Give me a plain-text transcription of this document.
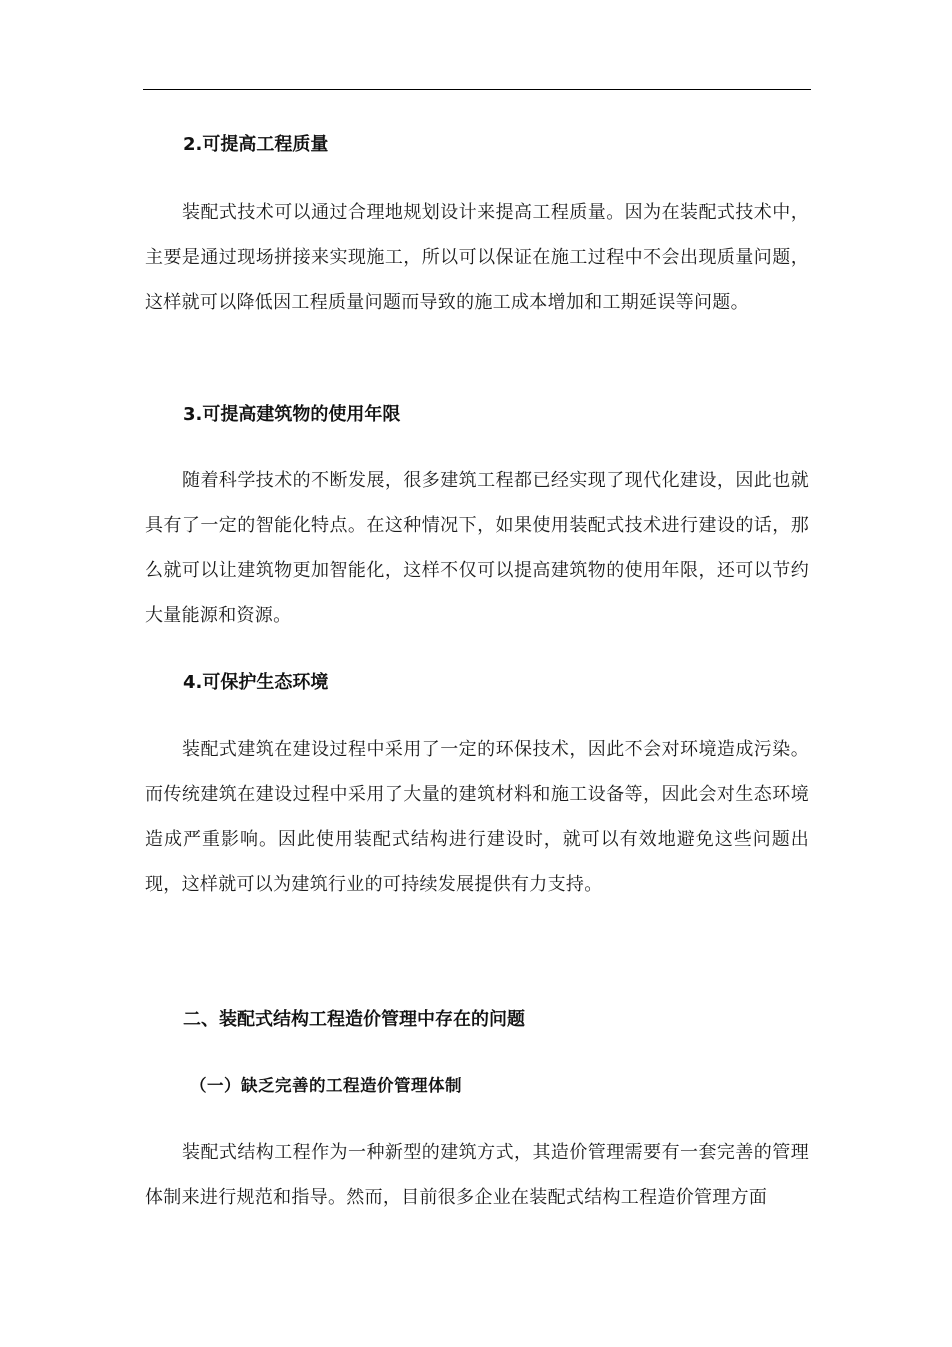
2.可提高工程质量

装配式技术可以通过合理地规划设计来提高工程质量。因为在装配式技术中，主要是通过现场拼接来实现施工，所以可以保证在施工过程中不会出现质量问题，这样就可以降低因工程质量问题而导致的施工成本增加和工期延误等问题。

3.可提高建筑物的使用年限

随着科学技术的不断发展，很多建筑工程都已经实现了现代化建设，因此也就具有了一定的智能化特点。在这种情况下，如果使用装配式技术进行建设的话，那么就可以让建筑物更加智能化，这样不仅可以提高建筑物的使用年限，还可以节约大量能源和资源。

4.可保护生态环境

装配式建筑在建设过程中采用了一定的环保技术，因此不会对环境造成污染。而传统建筑在建设过程中采用了大量的建筑材料和施工设备等，因此会对生态环境造成严重影响。因此使用装配式结构进行建设时，就可以有效地避免这些问题出现，这样就可以为建筑行业的可持续发展提供有力支持。

二、装配式结构工程造价管理中存在的问题
（一）缺乏完善的工程造价管理体制

装配式结构工程作为一种新型的建筑方式，其造价管理需要有一套完善的管理体制来进行规范和指导。然而，目前很多企业在装配式结构工程造价管理方面
